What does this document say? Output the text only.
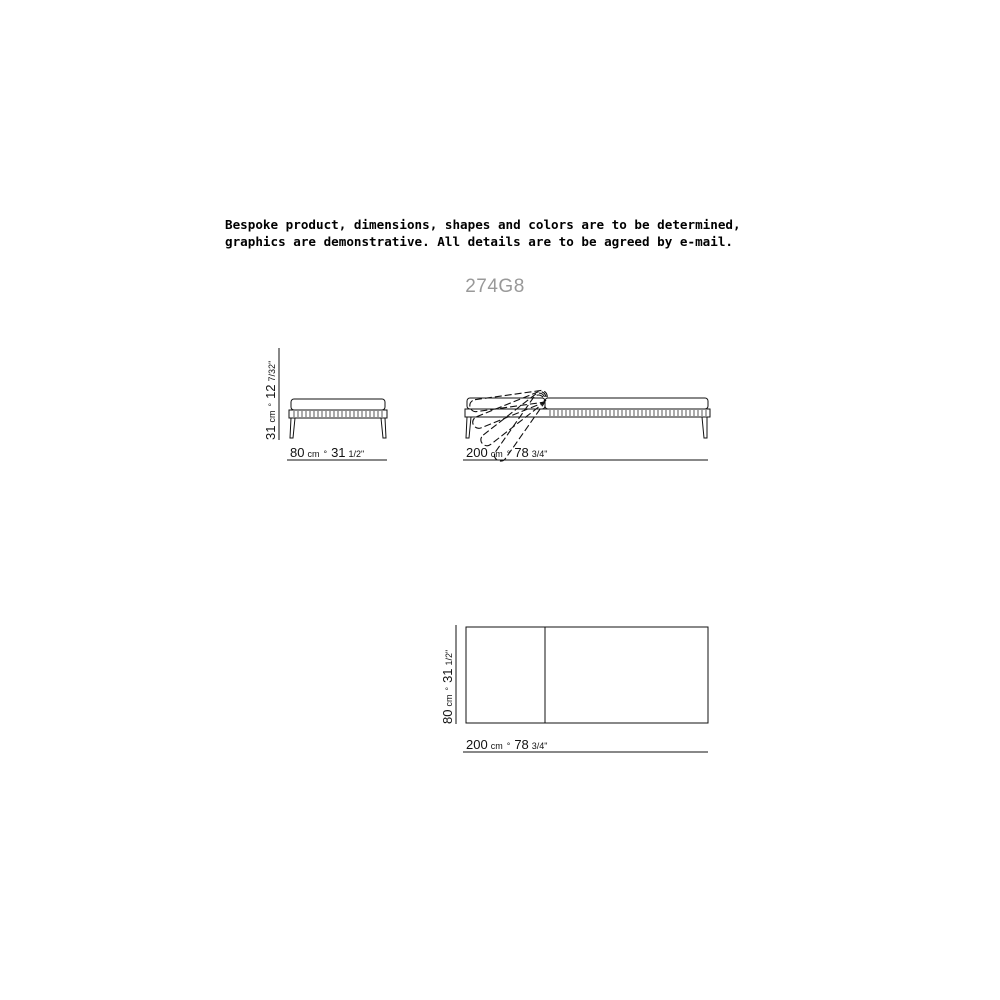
Bespoke product, dimensions, shapes and colors are to be determined,
graphics are demonstrative. All details are to be agreed by e-mail.
274G8
80 cm ° 31 1/2"
31cm°127/32"
200 cm ° 78 3/4"
200 cm ° 78 3/4"
80cm°311/2"
